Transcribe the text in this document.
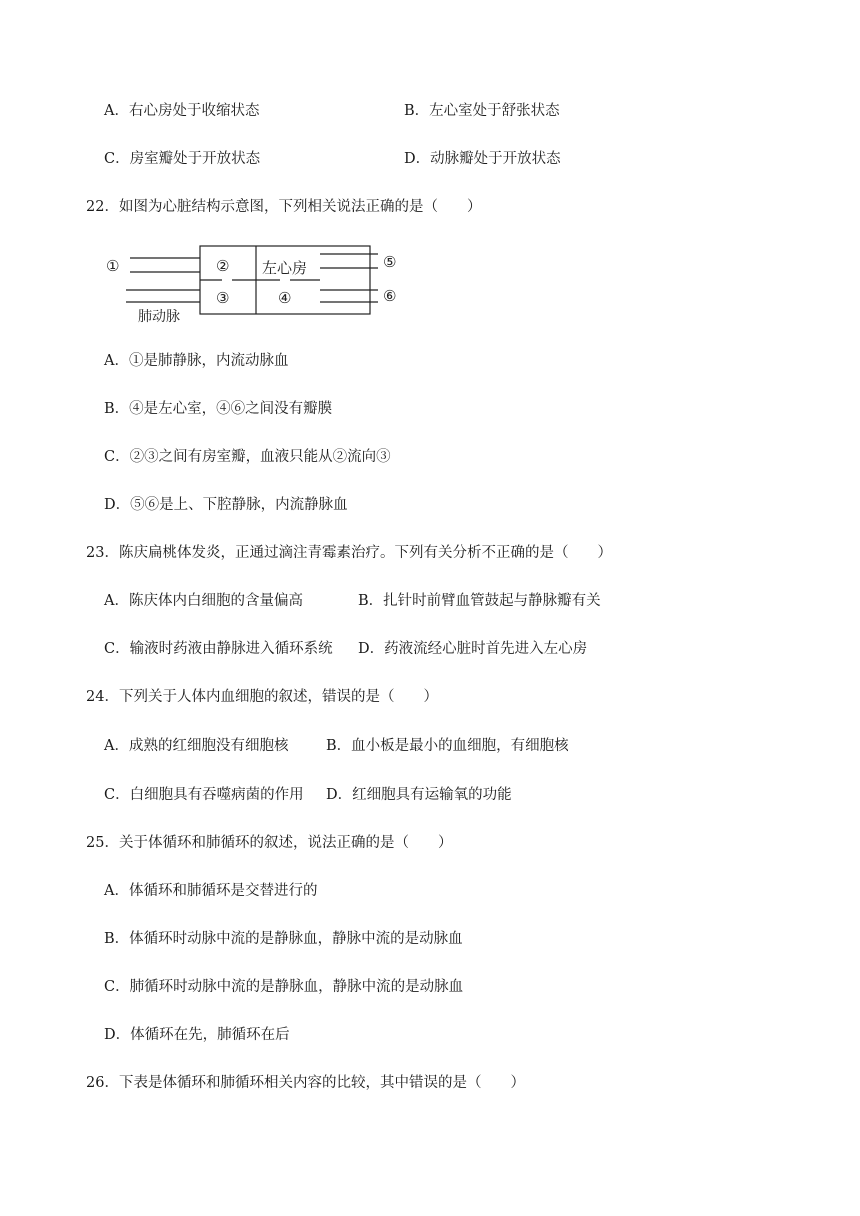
A．右心房处于收缩状态	B．左心室处于舒张状态
C．房室瓣处于开放状态	D．动脉瓣处于开放状态
22．如图为心脏结构示意图，下列相关说法正确的是（　　）
①	②
③	④
⑤
⑥
左心房
肺动脉
A．①是肺静脉，内流动脉血
B．④是左心室，④⑥之间没有瓣膜
C．②③之间有房室瓣，血液只能从②流向③
D．⑤⑥是上、下腔静脉，内流静脉血
23．陈庆扁桃体发炎，正通过滴注青霉素治疗。下列有关分析不正确的是（　　）
A．陈庆体内白细胞的含量偏高	B．扎针时前臂血管鼓起与静脉瓣有关
C．输液时药液由静脉进入循环系统 D．药液流经心脏时首先进入左心房
24．下列关于人体内血细胞的叙述，错误的是（　　）
A．成熟的红细胞没有细胞核	B．血小板是最小的血细胞，有细胞核
C．白细胞具有吞噬病菌的作用 D．红细胞具有运输氧的功能
25．关于体循环和肺循环的叙述，说法正确的是（　　）
A．体循环和肺循环是交替进行的
B．体循环时动脉中流的是静脉血，静脉中流的是动脉血
C．肺循环时动脉中流的是静脉血，静脉中流的是动脉血
D．体循环在先，肺循环在后
26．下表是体循环和肺循环相关内容的比较，其中错误的是（　　）
